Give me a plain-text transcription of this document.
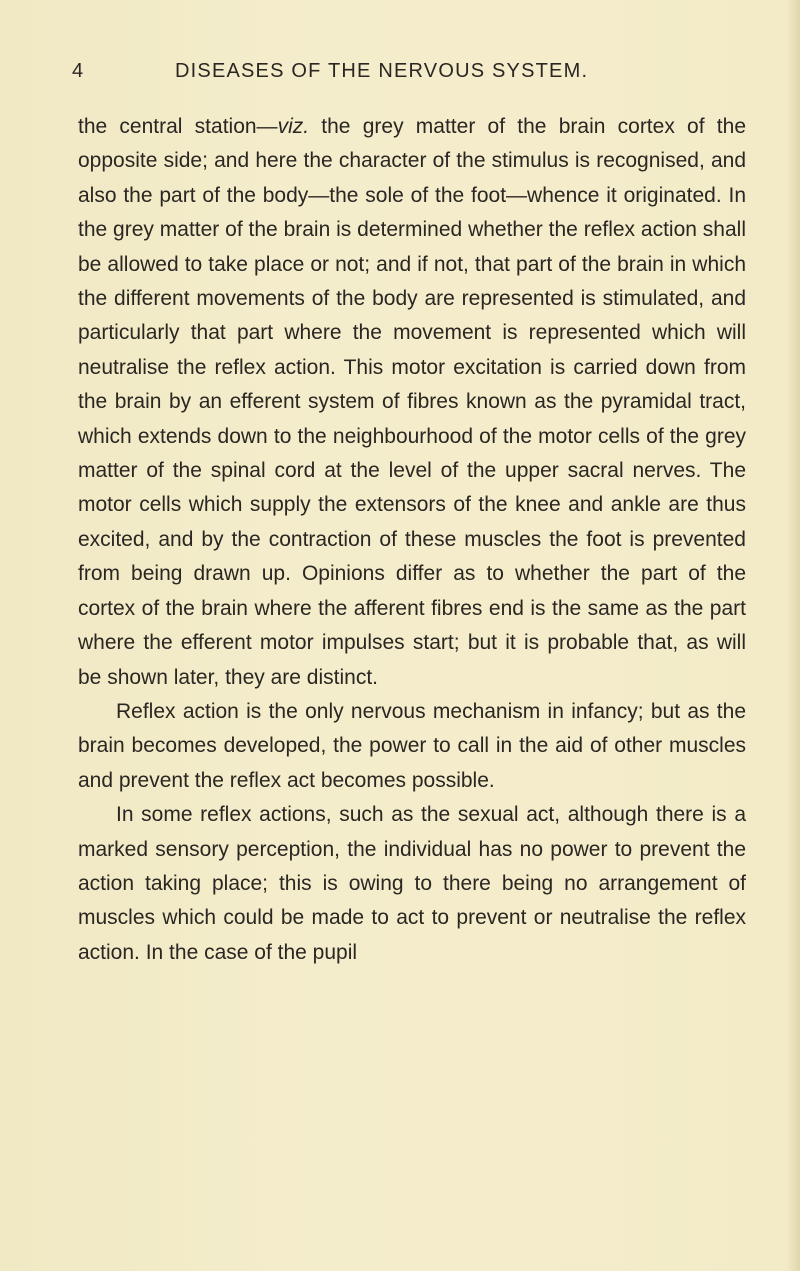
4	DISEASES OF THE NERVOUS SYSTEM.

the central station—viz. the grey matter of the brain cortex of the opposite side; and here the character of the stimulus is recognised, and also the part of the body—the sole of the foot—whence it originated. In the grey matter of the brain is determined whether the reflex action shall be allowed to take place or not; and if not, that part of the brain in which the different movements of the body are represented is stimulated, and particularly that part where the movement is represented which will neutralise the reflex action. This motor excitation is carried down from the brain by an efferent system of fibres known as the pyramidal tract, which extends down to the neighbourhood of the motor cells of the grey matter of the spinal cord at the level of the upper sacral nerves. The motor cells which supply the extensors of the knee and ankle are thus excited, and by the contraction of these muscles the foot is prevented from being drawn up. Opinions differ as to whether the part of the cortex of the brain where the afferent fibres end is the same as the part where the efferent motor impulses start; but it is probable that, as will be shown later, they are distinct.

Reflex action is the only nervous mechanism in infancy; but as the brain becomes developed, the power to call in the aid of other muscles and prevent the reflex act becomes possible.

In some reflex actions, such as the sexual act, although there is a marked sensory perception, the individual has no power to prevent the action taking place; this is owing to there being no arrangement of muscles which could be made to act to prevent or neutralise the reflex action. In the case of the pupil
